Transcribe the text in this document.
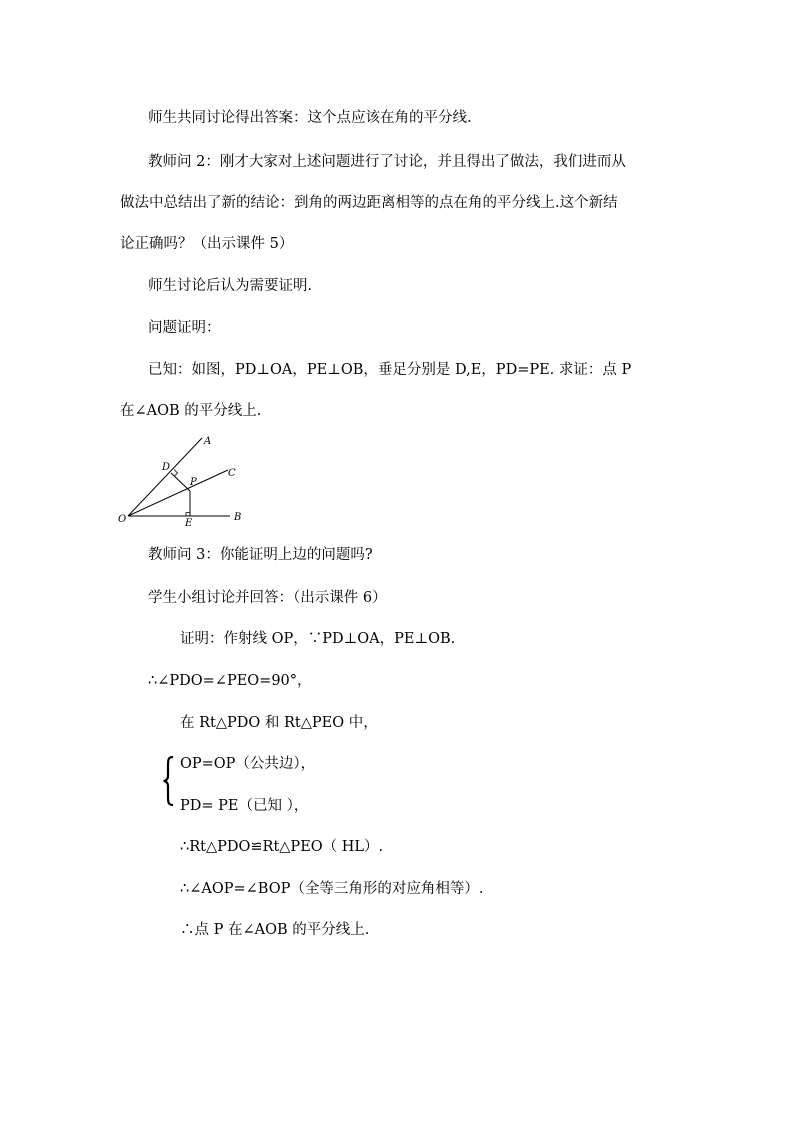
师生共同讨论得出答案：这个点应该在角的平分线.
教师问 2：刚才大家对上述问题进行了讨论，并且得出了做法，我们进而从
做法中总结出了新的结论：到角的两边距离相等的点在角的平分线上.这个新结
论正确吗？（出示课件 5）
师生讨论后认为需要证明.
问题证明：
已知：如图，PD⊥OA，PE⊥OB，垂足分别是 D,E，PD=PE. 求证：点 P
在∠AOB 的平分线上.
A
C
B
D
P
E
O
教师问 3：你能证明上边的问题吗?
学生小组讨论并回答：（出示课件 6）
证明：作射线 OP，∵PD⊥OA，PE⊥OB.
∴∠PDO=∠PEO=90°，
在 Rt△PDO 和 Rt△PEO 中，
OP=OP（公共边），
PD= PE（已知 ），
∴Rt△PDO≌Rt△PEO（ HL）.
∴∠AOP=∠BOP（全等三角形的对应角相等）.
∴点 P 在∠AOB 的平分线上.
